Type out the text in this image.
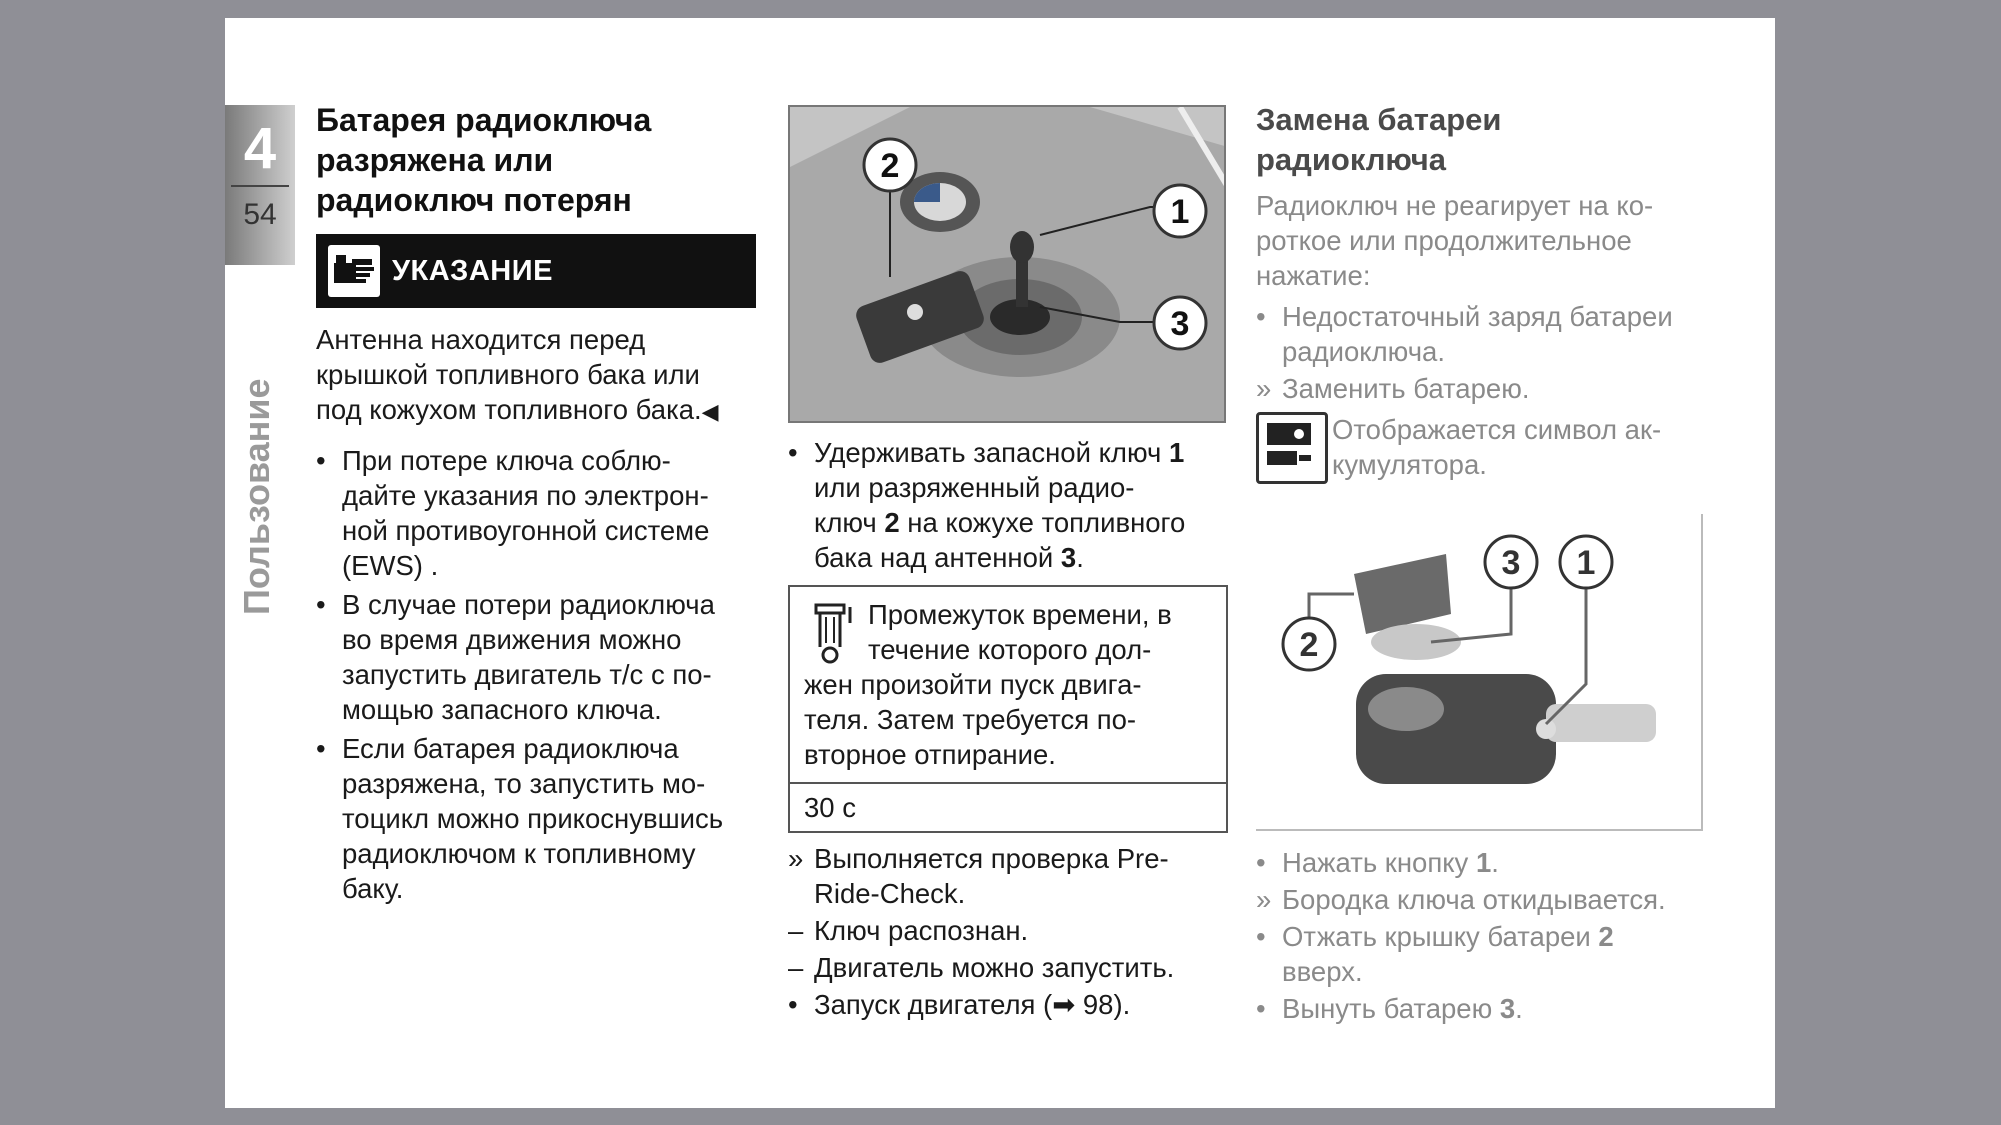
4
54
Пользование
Батарея радиоключа
разряжена или
радиоключ потерян
УКАЗАНИЕ

Антенна находится перед
крышкой топливного бака или
под кожухом топливного бака.◀

• При потере ключа соблю-
дайте указания по электрон-
ной противоугонной системе
(EWS) .
• В случае потери радиоключа
во время движения можно
запустить двигатель т/с с по-
мощью запасного ключа.
• Если батарея радиоключа
разряжена, то запустить мо-
тоцикл можно прикоснувшись
радиоключом к топливному
баку.
2
1
3
• Удерживать запасной ключ 1
или разряженный радио-
ключ 2 на кожухе топливного
бака над антенной 3.
Промежуток времени, в
течение которого дол-
жен произойти пуск двига-
теля. Затем требуется по-
вторное отпирание.
30 с
» Выполняется проверка Pre-
Ride-Check.
– Ключ распознан.
– Двигатель можно запустить.
• Запуск двигателя (➡ 98).
Замена батареи
радиоключа

Радиоключ не реагирует на ко-
роткое или продолжительное
нажатие:

• Недостаточный заряд батареи
радиоключа.
» Заменить батарею.
Отображается символ ак-
кумулятора.
3 1
2
• Нажать кнопку 1.
» Бородка ключа откидывается.
• Отжать крышку батареи 2
вверх.
• Вынуть батарею 3.
